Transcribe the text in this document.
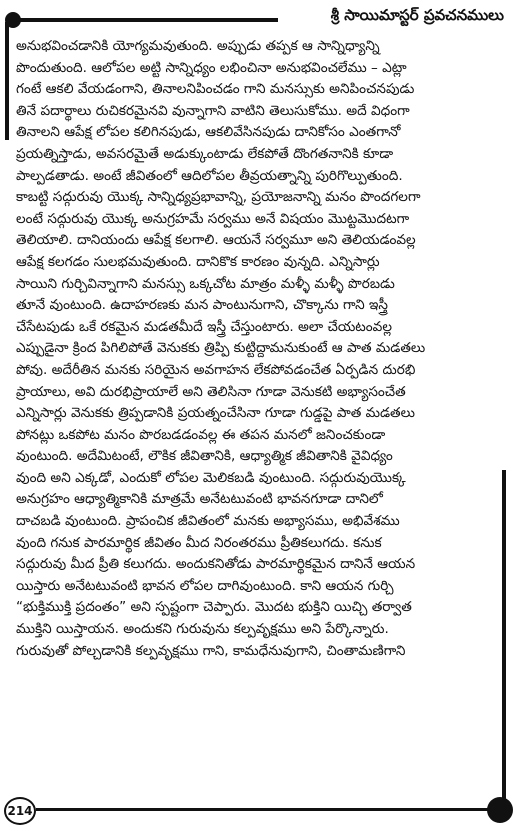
శ్రీ సాయిమాస్టర్ ప్రవచనములు
అనుభవించడానికి యోగ్యమవుతుంది. అప్పుడు తప్పక ఆ సాన్నిధ్యాన్ని
పొందుతుంది. ఆలోపల అట్టి సాన్నిధ్యం లభించినా అనుభవించలేము – ఎట్లా
గంటే ఆకలి వేయడంగాని, తినాలనిపించడం గాని మనస్సుకు అనిపించనపుడు
తినే పదార్థాలు రుచికరమైనవి వున్నాగాని వాటిని తెలుసుకోము. అదే విధంగా
తినాలని ఆపేక్ష లోపల కలిగినపుడు, ఆకలివేసినపుడు దానికోసం ఎంతగానో
ప్రయత్నిస్తాడు, అవసరమైతే అడుక్కుంటాడు లేకపోతే దొంగతనానికి కూడా
పాల్పడతాడు. అంటే జీవితంలో ఆదిలోపల తీవ్రయత్నాన్ని పురిగొల్పుతుంది.
కాబట్టి సద్గురువు యొక్క సాన్నిధ్యప్రభావాన్ని, ప్రయోజనాన్ని మనం పొందగలగా
లంటే సద్గురువు యొక్క అనుగ్రహమే సర్వము అనే విషయం మొట్టమొదటగా
తెలియాలి. దానియందు ఆపేక్ష కలగాలి. ఆయనే సర్వమూ అని తెలియడంవల్ల
ఆపేక్ష కలగడం సులభమవుతుంది. దానికొక కారణం వున్నది. ఎన్నిసార్లు
సాయిని గుర్చివిన్నాగాని మనస్సు ఒక్కచోట మాత్రం మళ్ళీ మళ్ళీ పొరబడు
తూనే వుంటుంది. ఉదాహరణకు మన పాంటునుగాని, చొక్కాను గాని ఇస్త్రీ
చేసేటపుడు ఒకే రకమైన మడతమీదే ఇస్త్రీ చేస్తుంటారు. అలా చేయటంవల్ల
ఎప్పుడైనా క్రింద పిగిలిపోతే వెనుకకు త్రిప్పి కుట్టిద్దామనుకుంటే ఆ పాత మడతలు
పోవు. అదేరీతిన మనకు సరియైన అవగాహన లేకపోవడంచేత ఏర్పడిన దురభి
ప్రాయాలు, అవి దురభిప్రాయాలే అని తెలిసినా గూడా వెనుకటి అభ్యాసంచేత
ఎన్నిసార్లు వెనుకకు త్రిప్పడానికి ప్రయత్నంచేసినా గూడా గుడ్డపై పాత మడతలు
పోనట్లు ఒకపోట మనం పొరబడడంవల్ల ఈ తపన మనలో జనించకుండా
వుంటుంది. అదేమిటంటే, లౌకిక జీవితానికి, ఆధ్యాత్మిక జీవితానికి వైవిధ్యం
వుంది అని ఎక్కడో, ఎందుకో లోపల మెలికబడి వుంటుంది. సద్గురువుయొక్క
అనుగ్రహం ఆధ్యాత్మికానికి మాత్రమే అనేటటువంటి భావనగూడా దానిలో
దాచబడి వుంటుంది. ప్రాపంచిక జీవితంలో మనకు అభ్యాసము, అభివేశము
వుంది గనుక పారమార్థిక జీవితం మీద నిరంతరము ప్రీతికలుగదు. కనుక
సద్గురువు మీద ప్రీతి కలుగదు. అందుకనితోడు పారమార్థికమైన దానినే ఆయన
యిస్తారు అనేటటువంటి భావన లోపల దాగివుంటుంది. కాని ఆయన గుర్చి
“భుక్తిముక్తి ప్రదంతం” అని స్పష్టంగా చెప్పారు. మొదట భుక్తిని యిచ్చి తర్వాత
ముక్తిని యిస్తాయన. అందుకని గురువును కల్పవృక్షము అని పేర్కొన్నారు.
గురువుతో పోల్చడానికి కల్పవృక్షము గాని, కామధేనువుగాని, చింతామణిగాని
214
